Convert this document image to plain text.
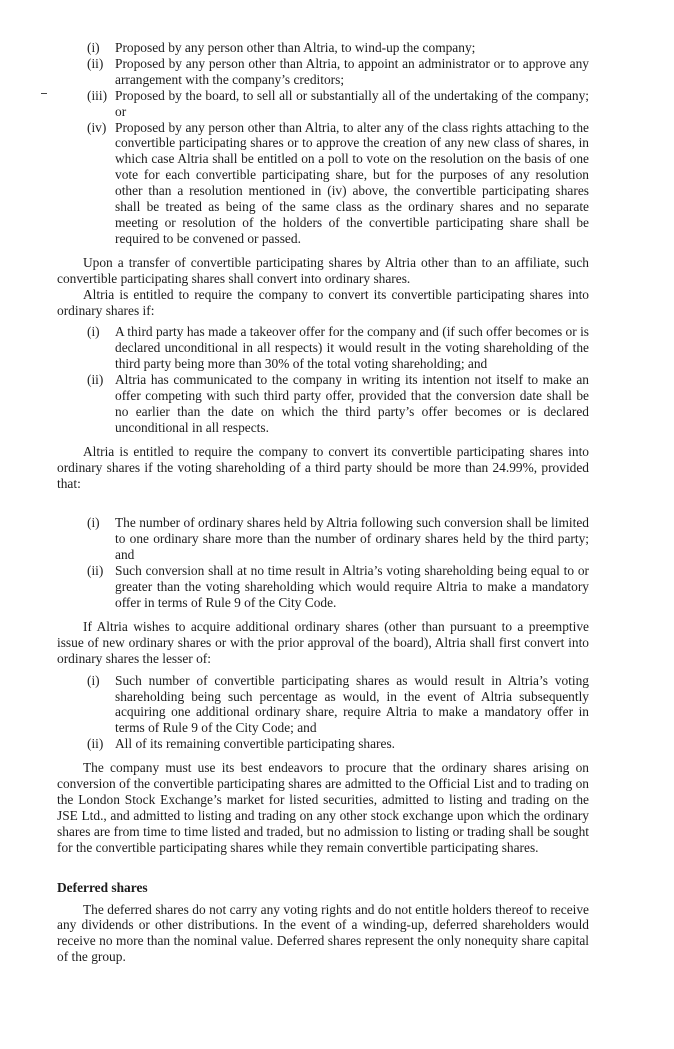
(i)	Proposed by any person other than Altria, to wind-up the company;
(ii) Proposed by any person other than Altria, to appoint an administrator or to approve any arrangement with the company’s creditors;
(iii) Proposed by the board, to sell all or substantially all of the undertaking of the company; or
(iv) Proposed by any person other than Altria, to alter any of the class rights attaching to the convertible participating shares or to approve the creation of any new class of shares, in which case Altria shall be entitled on a poll to vote on the resolution on the basis of one vote for each convertible participating share, but for the purposes of any resolution other than a resolution mentioned in (iv) above, the convertible participating shares shall be treated as being of the same class as the ordinary shares and no separate meeting or resolution of the holders of the convertible participating share shall be required to be convened or passed.

Upon a transfer of convertible participating shares by Altria other than to an affiliate, such convertible participating shares shall convert into ordinary shares.

Altria is entitled to require the company to convert its convertible participating shares into ordinary shares if:

(i)	A third party has made a takeover offer for the company and (if such offer becomes or is declared unconditional in all respects) it would result in the voting shareholding of the third party being more than 30% of the total voting shareholding; and
(ii) Altria has communicated to the company in writing its intention not itself to make an offer competing with such third party offer, provided that the conversion date shall be no earlier than the date on which the third party’s offer becomes or is declared unconditional in all respects.

Altria is entitled to require the company to convert its convertible participating shares into ordinary shares if the voting shareholding of a third party should be more than 24.99%, provided that:

(i)	The number of ordinary shares held by Altria following such conversion shall be limited to one ordinary share more than the number of ordinary shares held by the third party; and
(ii) Such conversion shall at no time result in Altria’s voting shareholding being equal to or greater than the voting shareholding which would require Altria to make a mandatory offer in terms of Rule 9 of the City Code.

If Altria wishes to acquire additional ordinary shares (other than pursuant to a preemptive issue of new ordinary shares or with the prior approval of the board), Altria shall first convert into ordinary shares the lesser of:

(i)	Such number of convertible participating shares as would result in Altria’s voting shareholding being such percentage as would, in the event of Altria subsequently acquiring one additional ordinary share, require Altria to make a mandatory offer in terms of Rule 9 of the City Code; and
(ii) All of its remaining convertible participating shares.

The company must use its best endeavors to procure that the ordinary shares arising on conversion of the convertible participating shares are admitted to the Official List and to trading on the London Stock Exchange’s market for listed securities, admitted to listing and trading on the JSE Ltd., and admitted to listing and trading on any other stock exchange upon which the ordinary shares are from time to time listed and traded, but no admission to listing or trading shall be sought for the convertible participating shares while they remain convertible participating shares.

Deferred shares

The deferred shares do not carry any voting rights and do not entitle holders thereof to receive any dividends or other distributions. In the event of a winding-up, deferred shareholders would receive no more than the nominal value. Deferred shares represent the only nonequity share capital of the group.
